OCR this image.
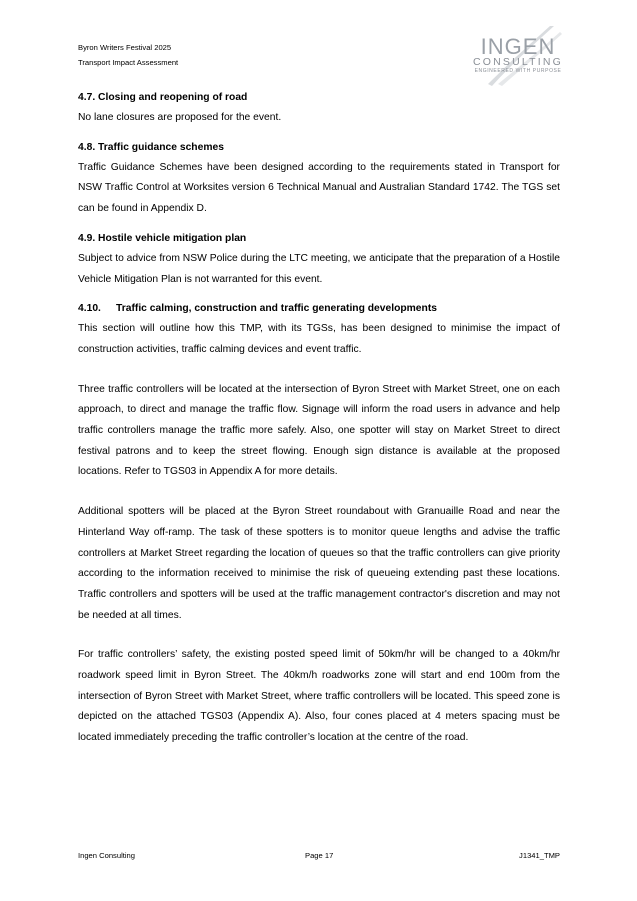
Byron Writers Festival 2025
Transport Impact Assessment
INGEN
CONSULTING
ENGINEERED WITH PURPOSE
4.7. Closing and reopening of road

No lane closures are proposed for the event.

4.8. Traffic guidance schemes

Traffic Guidance Schemes have been designed according to the requirements stated in Transport for NSW Traffic Control at Worksites version 6 Technical Manual and Australian Standard 1742. The TGS set can be found in Appendix D.

4.9. Hostile vehicle mitigation plan

Subject to advice from NSW Police during the LTC meeting, we anticipate that the preparation of a Hostile Vehicle Mitigation Plan is not warranted for this event.

4.10. Traffic calming, construction and traffic generating developments

This section will outline how this TMP, with its TGSs, has been designed to minimise the impact of construction activities, traffic calming devices and event traffic.

Three traffic controllers will be located at the intersection of Byron Street with Market Street, one on each approach, to direct and manage the traffic flow. Signage will inform the road users in advance and help traffic controllers manage the traffic more safely. Also, one spotter will stay on Market Street to direct festival patrons and to keep the street flowing. Enough sign distance is available at the proposed locations. Refer to TGS03 in Appendix A for more details.

Additional spotters will be placed at the Byron Street roundabout with Granuaille Road and near the Hinterland Way off-ramp. The task of these spotters is to monitor queue lengths and advise the traffic controllers at Market Street regarding the location of queues so that the traffic controllers can give priority according to the information received to minimise the risk of queueing extending past these locations. Traffic controllers and spotters will be used at the traffic management contractor's discretion and may not be needed at all times.

For traffic controllers’ safety, the existing posted speed limit of 50km/hr will be changed to a 40km/hr roadwork speed limit in Byron Street. The 40km/h roadworks zone will start and end 100m from the intersection of Byron Street with Market Street, where traffic controllers will be located. This speed zone is depicted on the attached TGS03 (Appendix A). Also, four cones placed at 4 meters spacing must be located immediately preceding the traffic controller’s location at the centre of the road.

Ingen Consulting	Page 17	J1341_TMP
